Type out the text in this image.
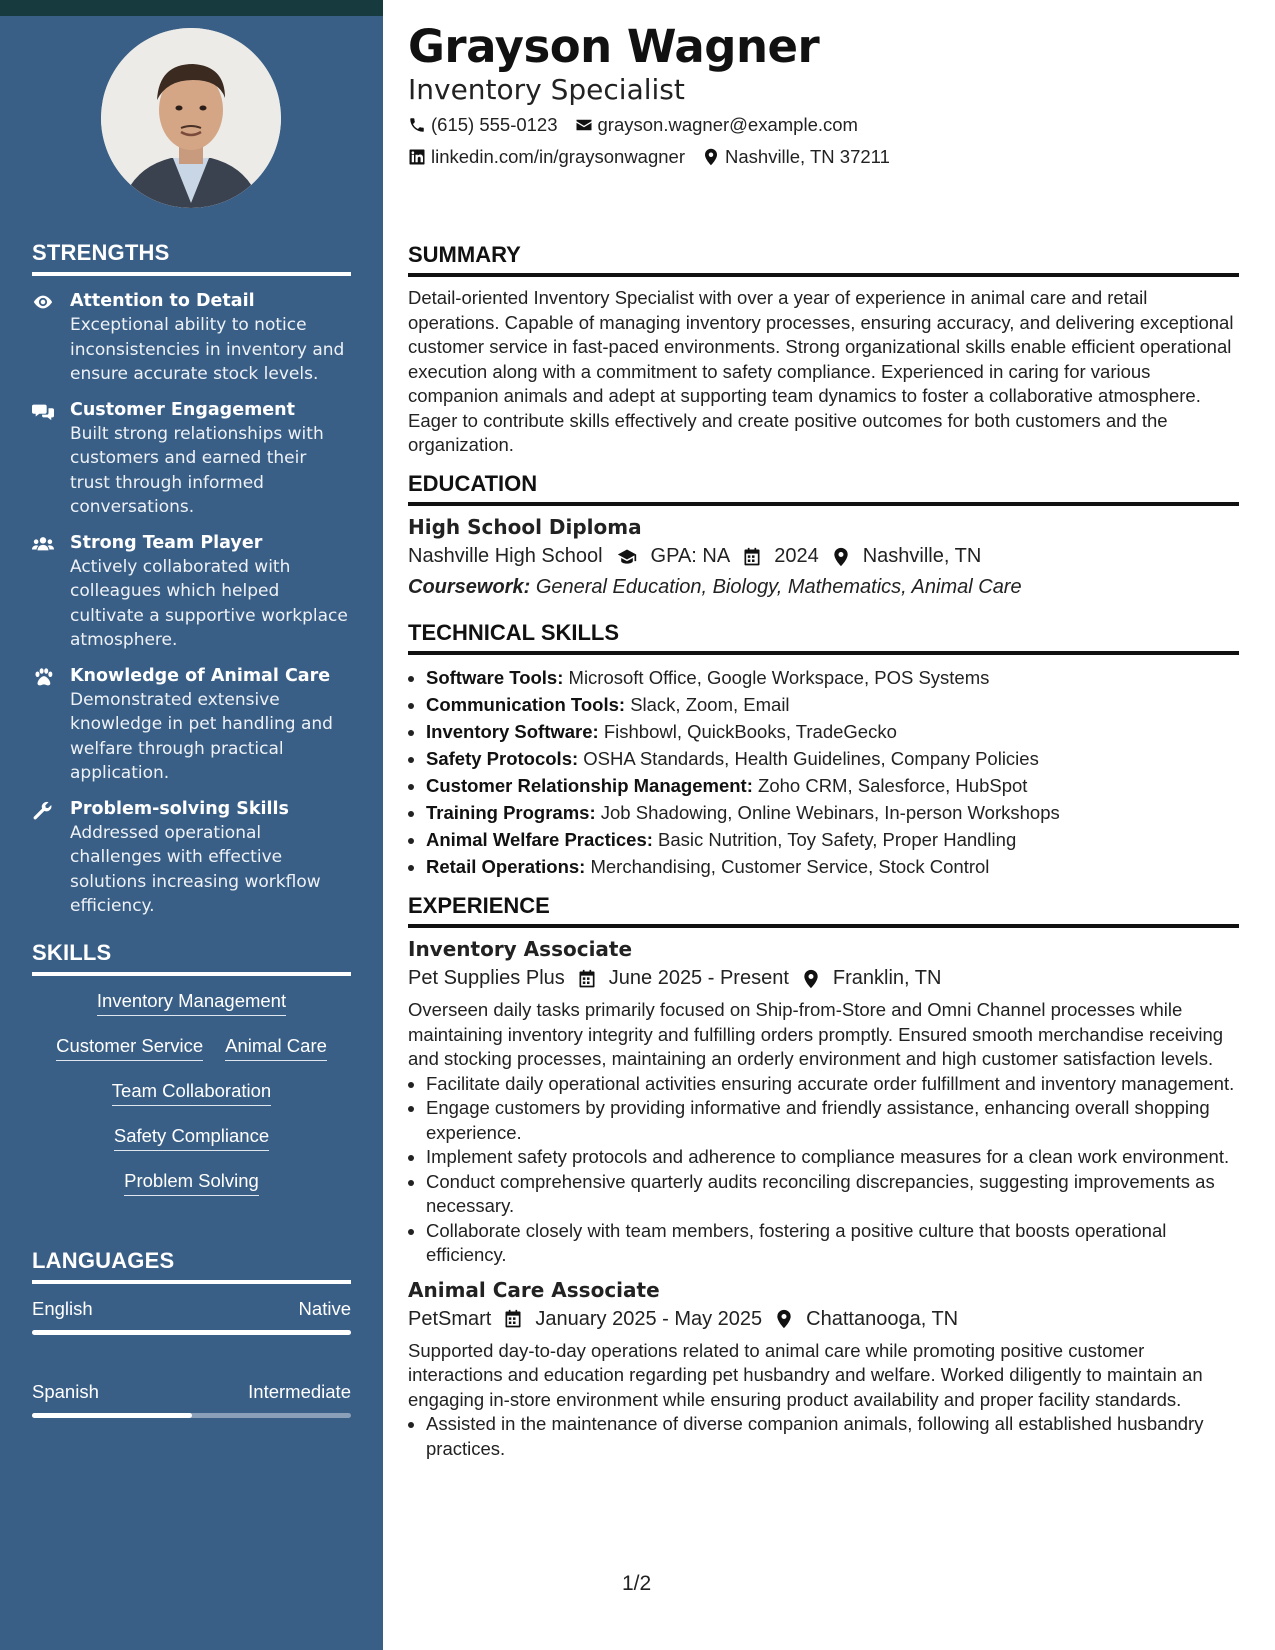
STRENGTHS
Attention to Detail
Exceptional ability to notice inconsistencies in inventory and ensure accurate stock levels.
Customer Engagement
Built strong relationships with customers and earned their trust through informed conversations.
Strong Team Player
Actively collaborated with colleagues which helped cultivate a supportive workplace atmosphere.
Knowledge of Animal Care
Demonstrated extensive knowledge in pet handling and welfare through practical application.
Problem-solving Skills
Addressed operational challenges with effective solutions increasing workflow efficiency.
SKILLS
Inventory Management
Customer Service Animal Care
Team Collaboration
Safety Compliance
Problem Solving
LANGUAGES
English	Native
Spanish	Intermediate
Grayson Wagner
Inventory Specialist
(615) 555-0123 grayson.wagner@example.com
linkedin.com/in/graysonwagner Nashville, TN 37211
SUMMARY
Detail-oriented Inventory Specialist with over a year of experience in animal care and retail operations. Capable of managing inventory processes, ensuring accuracy, and delivering exceptional customer service in fast-paced environments. Strong organizational skills enable efficient operational execution along with a commitment to safety compliance. Experienced in caring for various companion animals and adept at supporting team dynamics to foster a collaborative atmosphere. Eager to contribute skills effectively and create positive outcomes for both customers and the organization.
EDUCATION
High School Diploma
Nashville High School GPA: NA 2024 Nashville, TN
Coursework: General Education, Biology, Mathematics, Animal Care
TECHNICAL SKILLS
• Software Tools: Microsoft Office, Google Workspace, POS Systems
• Communication Tools: Slack, Zoom, Email
• Inventory Software: Fishbowl, QuickBooks, TradeGecko
• Safety Protocols: OSHA Standards, Health Guidelines, Company Policies
• Customer Relationship Management: Zoho CRM, Salesforce, HubSpot
• Training Programs: Job Shadowing, Online Webinars, In-person Workshops
• Animal Welfare Practices: Basic Nutrition, Toy Safety, Proper Handling
• Retail Operations: Merchandising, Customer Service, Stock Control
EXPERIENCE
Inventory Associate
Pet Supplies Plus June 2025 - Present Franklin, TN
Overseen daily tasks primarily focused on Ship-from-Store and Omni Channel processes while maintaining inventory integrity and fulfilling orders promptly. Ensured smooth merchandise receiving and stocking processes, maintaining an orderly environment and high customer satisfaction levels.
• Facilitate daily operational activities ensuring accurate order fulfillment and inventory management.
• Engage customers by providing informative and friendly assistance, enhancing overall shopping experience.
• Implement safety protocols and adherence to compliance measures for a clean work environment.
• Conduct comprehensive quarterly audits reconciling discrepancies, suggesting improvements as necessary.
• Collaborate closely with team members, fostering a positive culture that boosts operational efficiency.
Animal Care Associate
PetSmart January 2025 - May 2025 Chattanooga, TN
Supported day-to-day operations related to animal care while promoting positive customer interactions and education regarding pet husbandry and welfare. Worked diligently to maintain an engaging in-store environment while ensuring product availability and proper facility standards.
• Assisted in the maintenance of diverse companion animals, following all established husbandry practices.
1/2
